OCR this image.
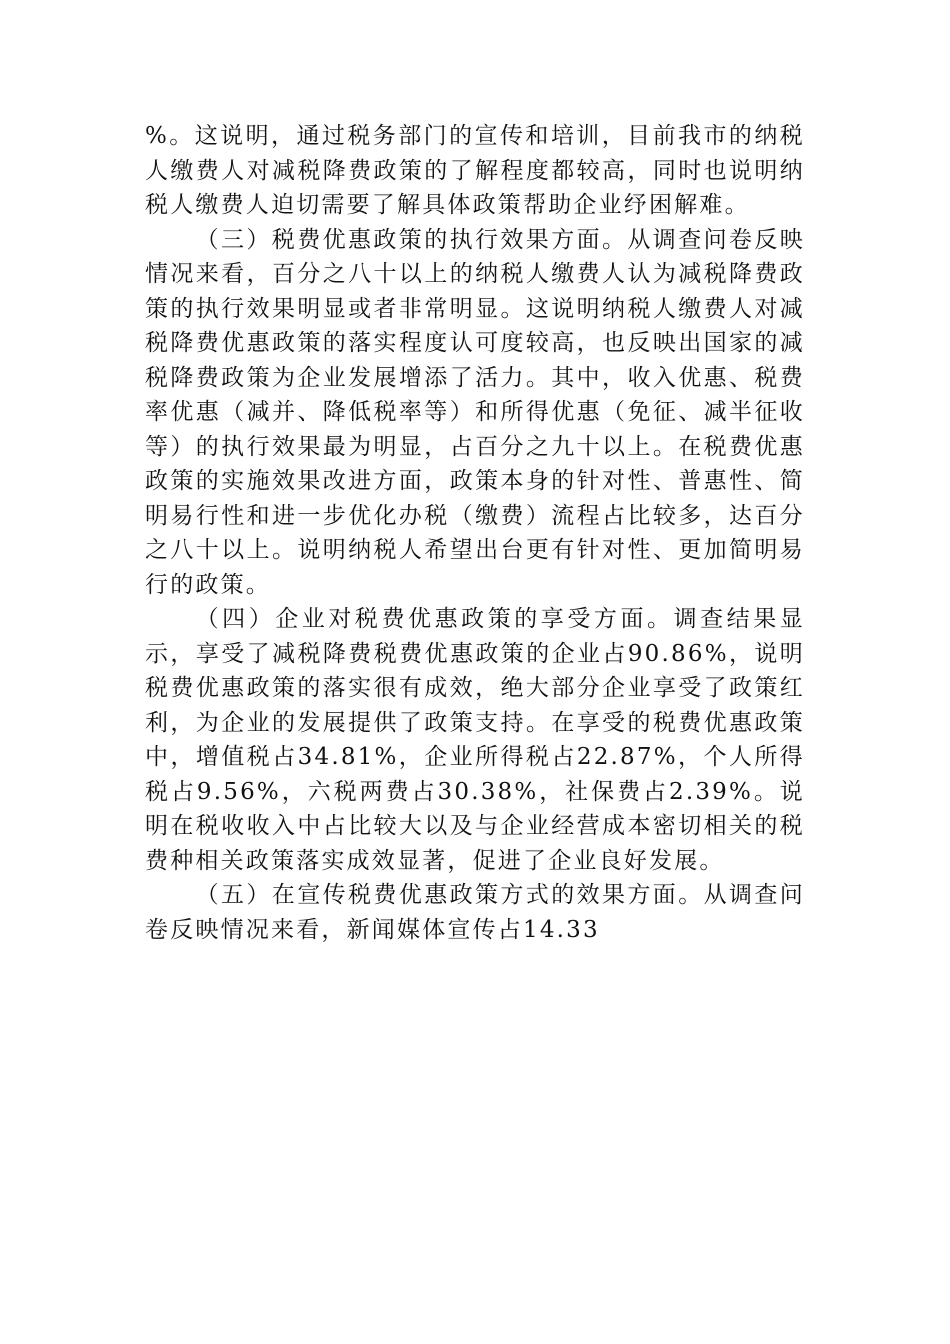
%。这说明，通过税务部门的宣传和培训，目前我市的纳税人缴费人对减税降费政策的了解程度都较高，同时也说明纳税人缴费人迫切需要了解具体政策帮助企业纾困解难。

（三）税费优惠政策的执行效果方面。从调查问卷反映情况来看，百分之八十以上的纳税人缴费人认为减税降费政策的执行效果明显或者非常明显。这说明纳税人缴费人对减税降费优惠政策的落实程度认可度较高，也反映出国家的减税降费政策为企业发展增添了活力。其中，收入优惠、税费率优惠（减并、降低税率等）和所得优惠（免征、减半征收等）的执行效果最为明显，占百分之九十以上。在税费优惠政策的实施效果改进方面，政策本身的针对性、普惠性、简明易行性和进一步优化办税（缴费）流程占比较多，达百分之八十以上。说明纳税人希望出台更有针对性、更加简明易行的政策。

（四）企业对税费优惠政策的享受方面。调查结果显示，享受了减税降费税费优惠政策的企业占90.86%，说明税费优惠政策的落实很有成效，绝大部分企业享受了政策红利，为企业的发展提供了政策支持。在享受的税费优惠政策中，增值税占34.81%，企业所得税占22.87%，个人所得税占9.56%，六税两费占30.38%，社保费占2.39%。说明在税收收入中占比较大以及与企业经营成本密切相关的税费种相关政策落实成效显著，促进了企业良好发展。

（五）在宣传税费优惠政策方式的效果方面。从调查问卷反映情况来看，新闻媒体宣传占14.33
